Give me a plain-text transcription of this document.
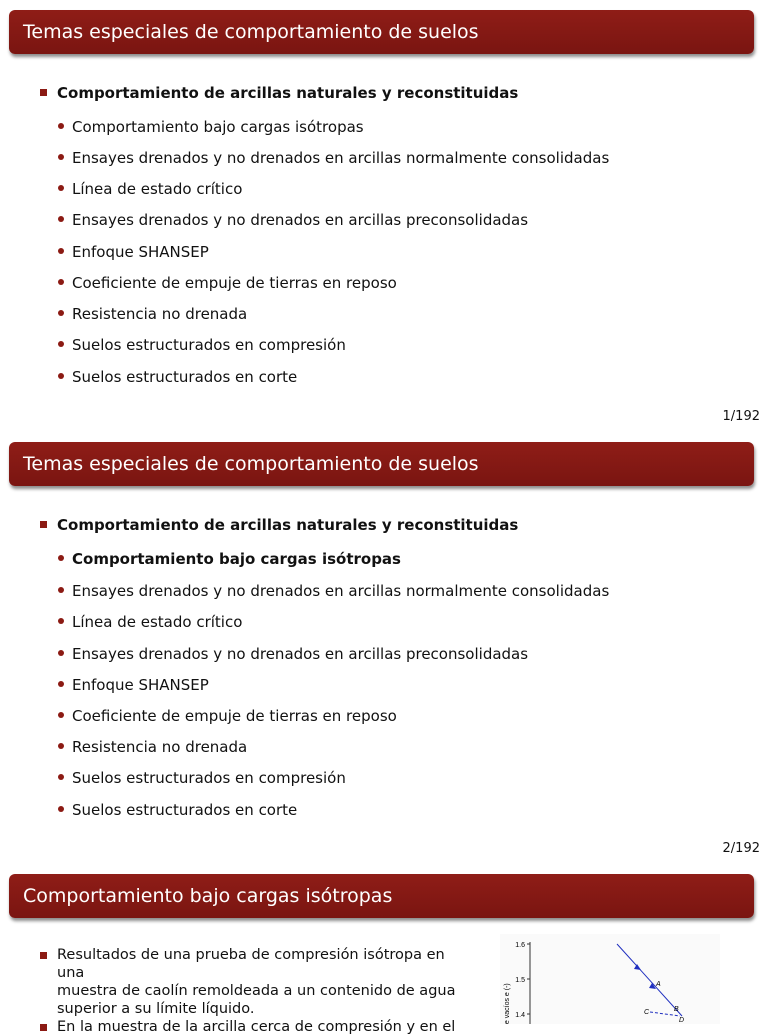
Temas especiales de comportamiento de suelos
Comportamiento de arcillas naturales y reconstituidas
Comportamiento bajo cargas isótropas
Ensayes drenados y no drenados en arcillas normalmente consolidadas
Línea de estado crítico
Ensayes drenados y no drenados en arcillas preconsolidadas
Enfoque SHANSEP
Coeficiente de empuje de tierras en reposo
Resistencia no drenada
Suelos estructurados en compresión
Suelos estructurados en corte
1/192
Temas especiales de comportamiento de suelos
Comportamiento de arcillas naturales y reconstituidas
Comportamiento bajo cargas isótropas
Ensayes drenados y no drenados en arcillas normalmente consolidadas
Línea de estado crítico
Ensayes drenados y no drenados en arcillas preconsolidadas
Enfoque SHANSEP
Coeficiente de empuje de tierras en reposo
Resistencia no drenada
Suelos estructurados en compresión
Suelos estructurados en corte
2/192
Comportamiento bajo cargas isótropas
Resultados de una prueba de compresión isótropa en una
muestra de caolín remoldeada a un contenido de agua
superior a su límite líquido.
En la muestra de la arcilla cerca de compresión y en el
1.6
1.5
1.4
de vacíos e (-)	A
B
C
D
